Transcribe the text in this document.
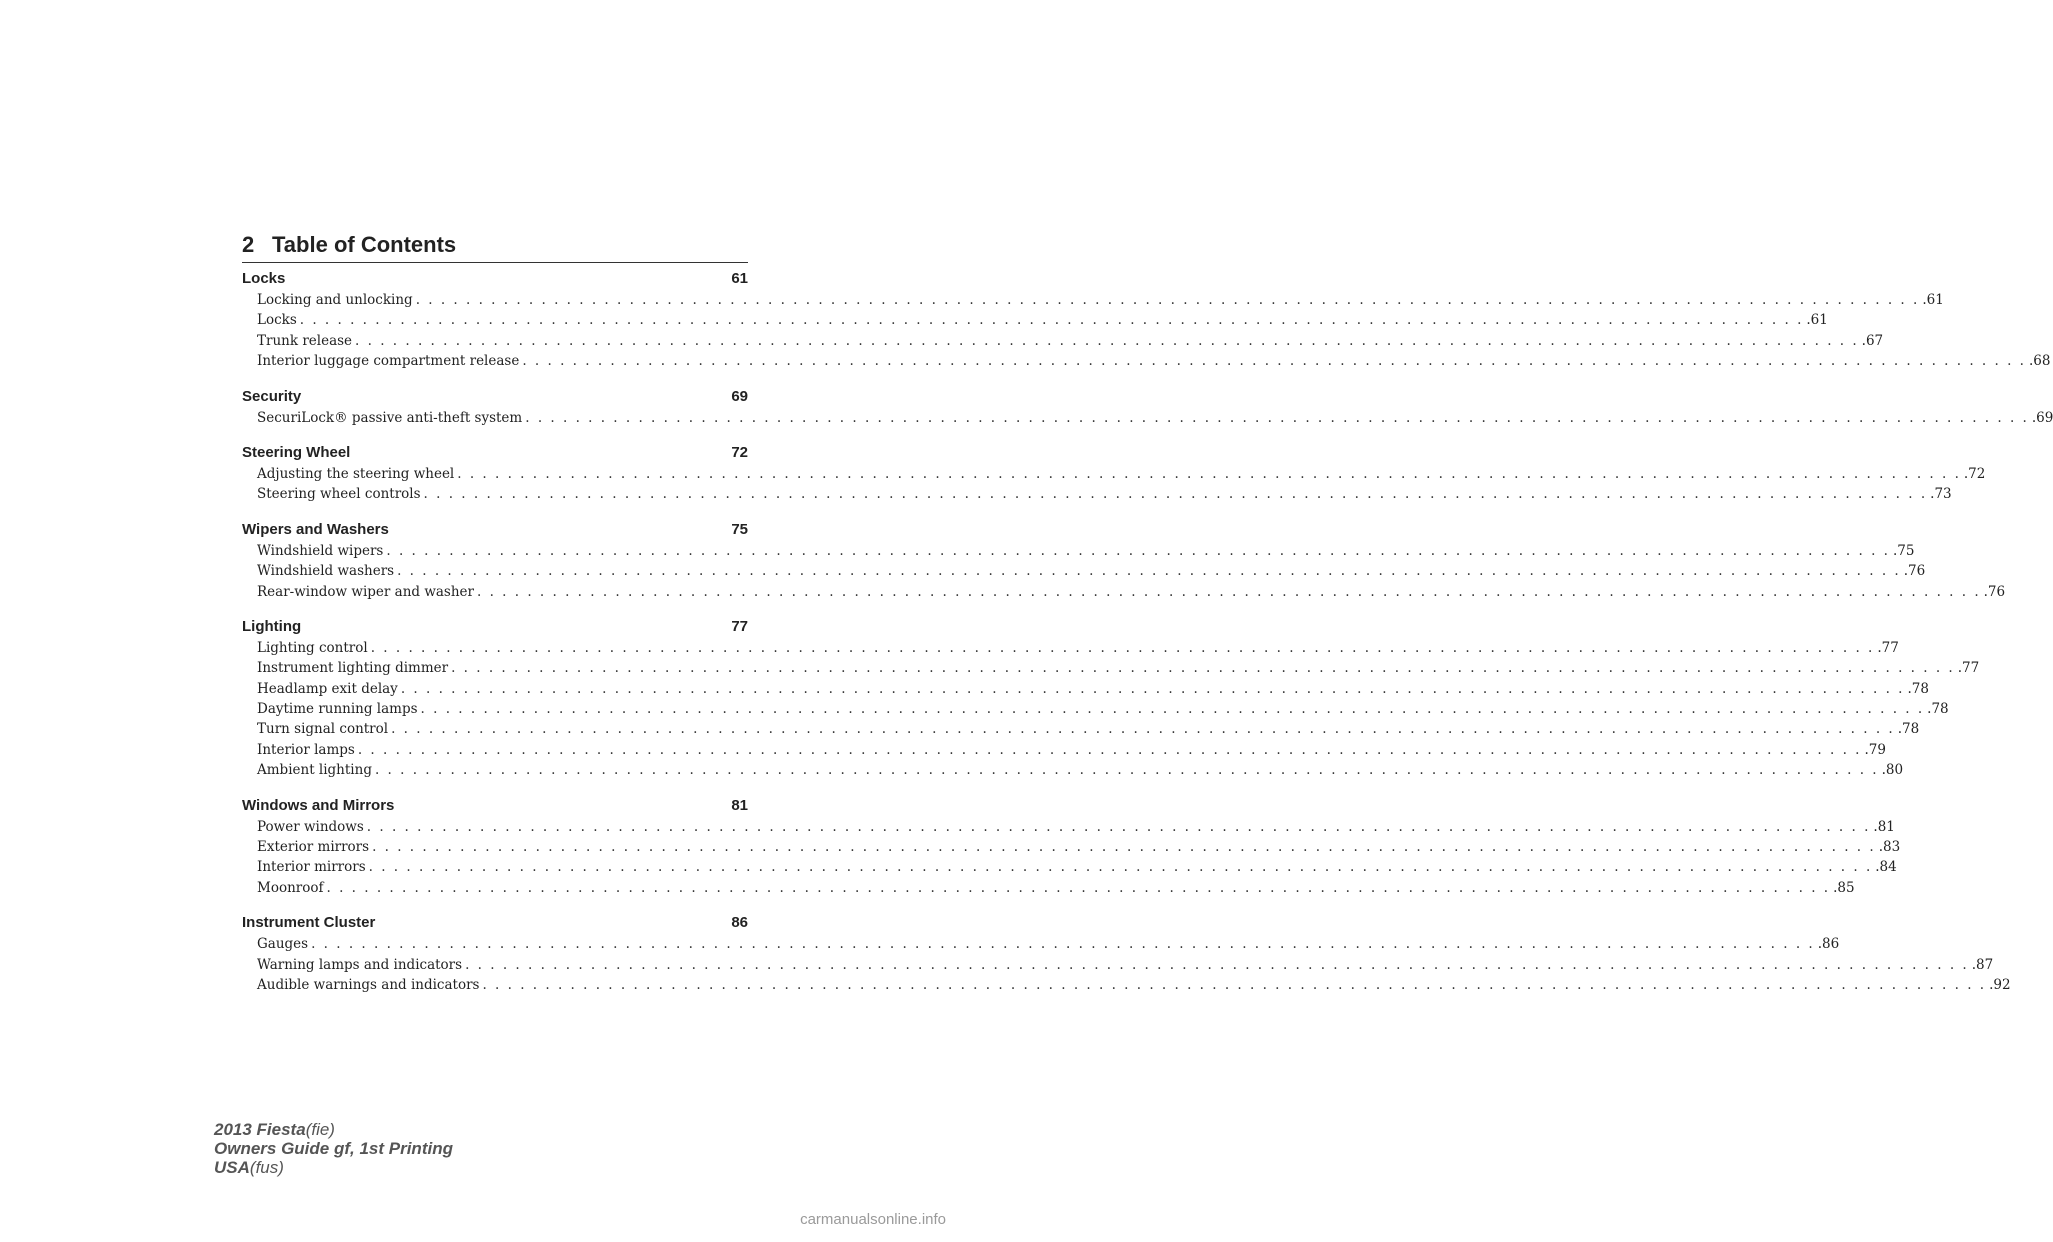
2 Table of Contents
Locks	61
Locking and unlocking . . . . . . . . . . . . . . . . . . . . . . . . . . . . . . . . . . . . . . . . . . . . . . . . . . . . . . . . . . . . . . . . . . . . . . . . . . . . . . . . . . . . . . . . . . . . . . . . . . . . . . . . . . . . . . . . . . . . . . . . .61
Locks . . . . . . . . . . . . . . . . . . . . . . . . . . . . . . . . . . . . . . . . . . . . . . . . . . . . . . . . . . . . . . . . . . . . . . . . . . . . . . . . . . . . . . . . . . . . . . . . . . . . . . . . . . . . . . . . . . . . . . . . .61
Trunk release . . . . . . . . . . . . . . . . . . . . . . . . . . . . . . . . . . . . . . . . . . . . . . . . . . . . . . . . . . . . . . . . . . . . . . . . . . . . . . . . . . . . . . . . . . . . . . . . . . . . . . . . . . . . . . . . . . . . . . . . .67
Interior luggage compartment release . . . . . . . . . . . . . . . . . . . . . . . . . . . . . . . . . . . . . . . . . . . . . . . . . . . . . . . . . . . . . . . . . . . . . . . . . . . . . . . . . . . . . . . . . . . . . . . . . . . . . . . . . . . . . . . . . . . . . . . . .68
Security	69
SecuriLock® passive anti-theft system . . . . . . . . . . . . . . . . . . . . . . . . . . . . . . . . . . . . . . . . . . . . . . . . . . . . . . . . . . . . . . . . . . . . . . . . . . . . . . . . . . . . . . . . . . . . . . . . . . . . . . . . . . . . . . . . . . . . . . . . .69
Steering Wheel	72
Adjusting the steering wheel . . . . . . . . . . . . . . . . . . . . . . . . . . . . . . . . . . . . . . . . . . . . . . . . . . . . . . . . . . . . . . . . . . . . . . . . . . . . . . . . . . . . . . . . . . . . . . . . . . . . . . . . . . . . . . . . . . . . . . . . .72
Steering wheel controls . . . . . . . . . . . . . . . . . . . . . . . . . . . . . . . . . . . . . . . . . . . . . . . . . . . . . . . . . . . . . . . . . . . . . . . . . . . . . . . . . . . . . . . . . . . . . . . . . . . . . . . . . . . . . . . . . . . . . . . . .73
Wipers and Washers	75
Windshield wipers . . . . . . . . . . . . . . . . . . . . . . . . . . . . . . . . . . . . . . . . . . . . . . . . . . . . . . . . . . . . . . . . . . . . . . . . . . . . . . . . . . . . . . . . . . . . . . . . . . . . . . . . . . . . . . . . . . . . . . . . .75
Windshield washers . . . . . . . . . . . . . . . . . . . . . . . . . . . . . . . . . . . . . . . . . . . . . . . . . . . . . . . . . . . . . . . . . . . . . . . . . . . . . . . . . . . . . . . . . . . . . . . . . . . . . . . . . . . . . . . . . . . . . . . . .76
Rear-window wiper and washer . . . . . . . . . . . . . . . . . . . . . . . . . . . . . . . . . . . . . . . . . . . . . . . . . . . . . . . . . . . . . . . . . . . . . . . . . . . . . . . . . . . . . . . . . . . . . . . . . . . . . . . . . . . . . . . . . . . . . . . . .76
Lighting	77
Lighting control . . . . . . . . . . . . . . . . . . . . . . . . . . . . . . . . . . . . . . . . . . . . . . . . . . . . . . . . . . . . . . . . . . . . . . . . . . . . . . . . . . . . . . . . . . . . . . . . . . . . . . . . . . . . . . . . . . . . . . . . .77
Instrument lighting dimmer . . . . . . . . . . . . . . . . . . . . . . . . . . . . . . . . . . . . . . . . . . . . . . . . . . . . . . . . . . . . . . . . . . . . . . . . . . . . . . . . . . . . . . . . . . . . . . . . . . . . . . . . . . . . . . . . . . . . . . . . .77
Headlamp exit delay . . . . . . . . . . . . . . . . . . . . . . . . . . . . . . . . . . . . . . . . . . . . . . . . . . . . . . . . . . . . . . . . . . . . . . . . . . . . . . . . . . . . . . . . . . . . . . . . . . . . . . . . . . . . . . . . . . . . . . . . .78
Daytime running lamps . . . . . . . . . . . . . . . . . . . . . . . . . . . . . . . . . . . . . . . . . . . . . . . . . . . . . . . . . . . . . . . . . . . . . . . . . . . . . . . . . . . . . . . . . . . . . . . . . . . . . . . . . . . . . . . . . . . . . . . . .78
Turn signal control . . . . . . . . . . . . . . . . . . . . . . . . . . . . . . . . . . . . . . . . . . . . . . . . . . . . . . . . . . . . . . . . . . . . . . . . . . . . . . . . . . . . . . . . . . . . . . . . . . . . . . . . . . . . . . . . . . . . . . . . .78
Interior lamps . . . . . . . . . . . . . . . . . . . . . . . . . . . . . . . . . . . . . . . . . . . . . . . . . . . . . . . . . . . . . . . . . . . . . . . . . . . . . . . . . . . . . . . . . . . . . . . . . . . . . . . . . . . . . . . . . . . . . . . . .79
Ambient lighting . . . . . . . . . . . . . . . . . . . . . . . . . . . . . . . . . . . . . . . . . . . . . . . . . . . . . . . . . . . . . . . . . . . . . . . . . . . . . . . . . . . . . . . . . . . . . . . . . . . . . . . . . . . . . . . . . . . . . . . . .80
Windows and Mirrors	81
Power windows . . . . . . . . . . . . . . . . . . . . . . . . . . . . . . . . . . . . . . . . . . . . . . . . . . . . . . . . . . . . . . . . . . . . . . . . . . . . . . . . . . . . . . . . . . . . . . . . . . . . . . . . . . . . . . . . . . . . . . . . .81
Exterior mirrors . . . . . . . . . . . . . . . . . . . . . . . . . . . . . . . . . . . . . . . . . . . . . . . . . . . . . . . . . . . . . . . . . . . . . . . . . . . . . . . . . . . . . . . . . . . . . . . . . . . . . . . . . . . . . . . . . . . . . . . . .83
Interior mirrors . . . . . . . . . . . . . . . . . . . . . . . . . . . . . . . . . . . . . . . . . . . . . . . . . . . . . . . . . . . . . . . . . . . . . . . . . . . . . . . . . . . . . . . . . . . . . . . . . . . . . . . . . . . . . . . . . . . . . . . . .84
Moonroof . . . . . . . . . . . . . . . . . . . . . . . . . . . . . . . . . . . . . . . . . . . . . . . . . . . . . . . . . . . . . . . . . . . . . . . . . . . . . . . . . . . . . . . . . . . . . . . . . . . . . . . . . . . . . . . . . . . . . . . . .85
Instrument Cluster	86
Gauges . . . . . . . . . . . . . . . . . . . . . . . . . . . . . . . . . . . . . . . . . . . . . . . . . . . . . . . . . . . . . . . . . . . . . . . . . . . . . . . . . . . . . . . . . . . . . . . . . . . . . . . . . . . . . . . . . . . . . . . . .86
Warning lamps and indicators . . . . . . . . . . . . . . . . . . . . . . . . . . . . . . . . . . . . . . . . . . . . . . . . . . . . . . . . . . . . . . . . . . . . . . . . . . . . . . . . . . . . . . . . . . . . . . . . . . . . . . . . . . . . . . . . . . . . . . . . .87
Audible warnings and indicators . . . . . . . . . . . . . . . . . . . . . . . . . . . . . . . . . . . . . . . . . . . . . . . . . . . . . . . . . . . . . . . . . . . . . . . . . . . . . . . . . . . . . . . . . . . . . . . . . . . . . . . . . . . . . . . . . . . . . . . . .92
2013 Fiesta(fie)
Owners Guide gf, 1st Printing
USA(fus)
carmanualsonline.info
